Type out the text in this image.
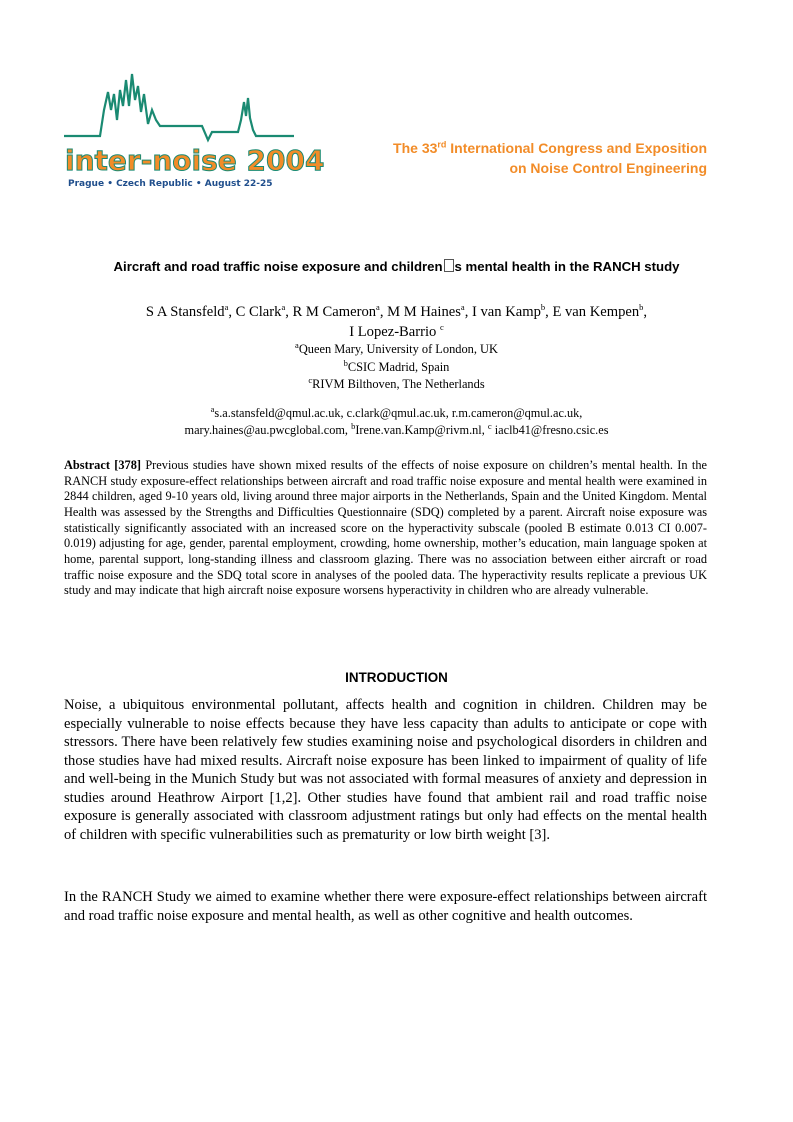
inter-noise 2004
Prague • Czech Republic • August 22-25
The 33rd International Congress and Exposition
on Noise Control Engineering
Aircraft and road traffic noise exposure and children s mental health in the RANCH study
S A Stansfeld$^a$, C Clark$^a$, R M Cameron$^a$, M M Haines$^a$, I van Kamp$^b$, E van Kempen$^b$,
I Lopez-Barrio $^c$
$^a$Queen Mary, University of London, UK
$^b$CSIC Madrid, Spain
$^c$RIVM Bilthoven, The Netherlands
$^a$s.a.stansfeld@qmul.ac.uk, c.clark@qmul.ac.uk, r.m.cameron@qmul.ac.uk,
mary.haines@au.pwcglobal.com, $^b$Irene.van.Kamp@rivm.nl, $^c$ iaclb41@fresno.csic.es

Abstract [378] Previous studies have shown mixed results of the effects of noise exposure on children’s mental health. In the RANCH study exposure-effect relationships between aircraft and road traffic noise exposure and mental health were examined in 2844 children, aged 9-10 years old, living around three major airports in the Netherlands, Spain and the United Kingdom. Mental Health was assessed by the Strengths and Difficulties Questionnaire (SDQ) completed by a parent. Aircraft noise exposure was statistically significantly associated with an increased score on the hyperactivity subscale (pooled B estimate 0.013 CI 0.007-0.019) adjusting for age, gender, parental employment, crowding, home ownership, mother’s education, main language spoken at home, parental support, long-standing illness and classroom glazing. There was no association between either aircraft or road traffic noise exposure and the SDQ total score in analyses of the pooled data. The hyperactivity results replicate a previous UK study and may indicate that high aircraft noise exposure worsens hyperactivity in children who are already vulnerable.

INTRODUCTION

Noise, a ubiquitous environmental pollutant, affects health and cognition in children. Children may be especially vulnerable to noise effects because they have less capacity than adults to anticipate or cope with stressors. There have been relatively few studies examining noise and psychological disorders in children and those studies have had mixed results. Aircraft noise exposure has been linked to impairment of quality of life and well-being in the Munich Study but was not associated with formal measures of anxiety and depression in studies around Heathrow Airport [1,2]. Other studies have found that ambient rail and road traffic noise exposure is generally associated with classroom adjustment ratings but only had effects on the mental health of children with specific vulnerabilities such as prematurity or low birth weight [3].

In the RANCH Study we aimed to examine whether there were exposure-effect relationships between aircraft and road traffic noise exposure and mental health, as well as other cognitive and health outcomes.
